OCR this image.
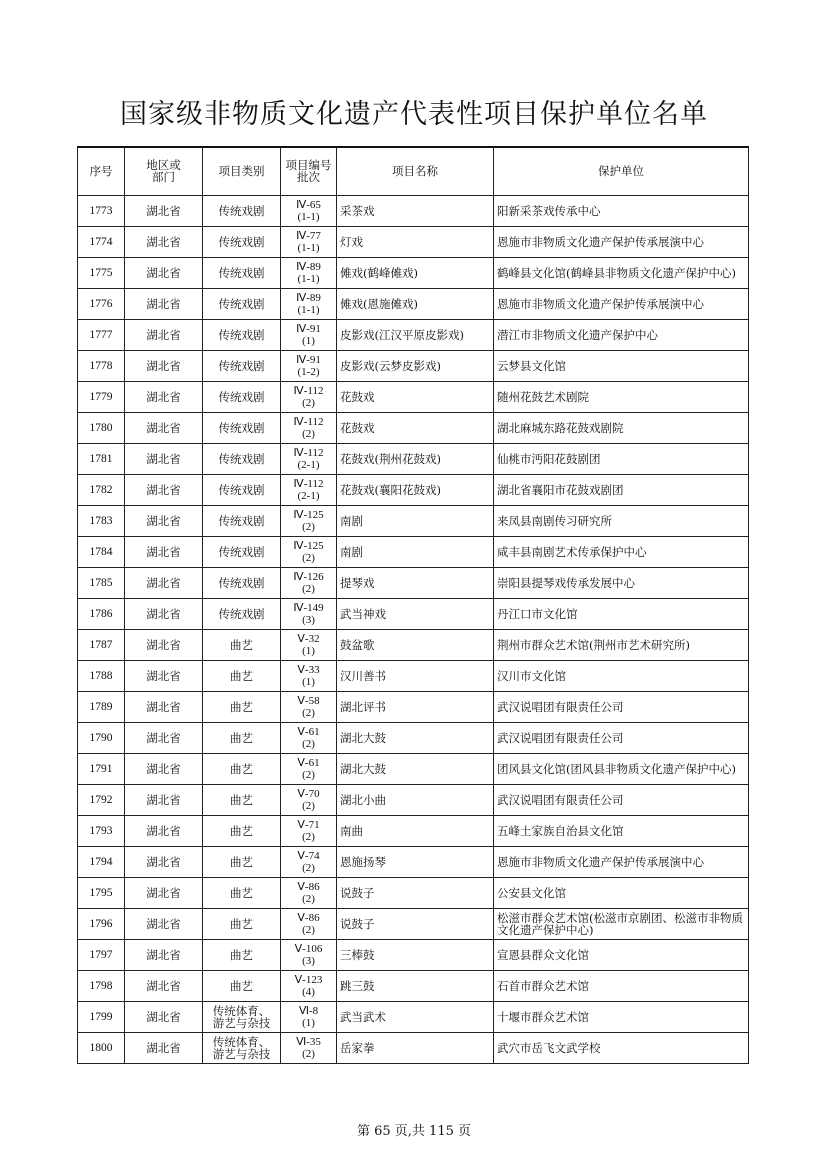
国家级非物质文化遗产代表性项目保护单位名单
序号	地区或部门	项目类别	项目编号批次	项目名称	保护单位

1773	湖北省	传统戏剧	Ⅳ-65
(1-1)	采茶戏	阳新采茶戏传承中心

1774	湖北省	传统戏剧	Ⅳ-77
(1-1)	灯戏	恩施市非物质文化遗产保护传承展演中心

1775	湖北省	传统戏剧	Ⅳ-89
(1-1)	傩戏(鹤峰傩戏)	鹤峰县文化馆(鹤峰县非物质文化遗产保护中心)

1776	湖北省	传统戏剧	Ⅳ-89
(1-1)	傩戏(恩施傩戏)	恩施市非物质文化遗产保护传承展演中心

1777	湖北省	传统戏剧	Ⅳ-91
(1)	皮影戏(江汉平原皮影戏)	潜江市非物质文化遗产保护中心

1778	湖北省	传统戏剧	Ⅳ-91
(1-2)	皮影戏(云梦皮影戏)	云梦县文化馆

1779	湖北省	传统戏剧	Ⅳ-112
(2)	花鼓戏	随州花鼓艺术剧院

1780	湖北省	传统戏剧	Ⅳ-112
(2)	花鼓戏	湖北麻城东路花鼓戏剧院

1781	湖北省	传统戏剧	Ⅳ-112
(2-1)	花鼓戏(荆州花鼓戏)	仙桃市沔阳花鼓剧团

1782	湖北省	传统戏剧	Ⅳ-112
(2-1)	花鼓戏(襄阳花鼓戏)	湖北省襄阳市花鼓戏剧团

1783	湖北省	传统戏剧	Ⅳ-125
(2)	南剧	来凤县南剧传习研究所

1784	湖北省	传统戏剧	Ⅳ-125
(2)	南剧	咸丰县南剧艺术传承保护中心

1785	湖北省	传统戏剧	Ⅳ-126
(2)	提琴戏	崇阳县提琴戏传承发展中心

1786	湖北省	传统戏剧	Ⅳ-149
(3)	武当神戏	丹江口市文化馆

1787	湖北省	曲艺	Ⅴ-32
(1)	鼓盆歌	荆州市群众艺术馆(荆州市艺术研究所)

1788	湖北省	曲艺	Ⅴ-33
(1)	汉川善书	汉川市文化馆

1789	湖北省	曲艺	Ⅴ-58
(2)	湖北评书	武汉说唱团有限责任公司

1790	湖北省	曲艺	Ⅴ-61
(2)	湖北大鼓	武汉说唱团有限责任公司

1791	湖北省	曲艺	Ⅴ-61
(2)	湖北大鼓	团风县文化馆(团风县非物质文化遗产保护中心)

1792	湖北省	曲艺	Ⅴ-70
(2)	湖北小曲	武汉说唱团有限责任公司

1793	湖北省	曲艺	Ⅴ-71
(2)	南曲	五峰土家族自治县文化馆

1794	湖北省	曲艺	Ⅴ-74
(2)	恩施扬琴	恩施市非物质文化遗产保护传承展演中心

1795	湖北省	曲艺	Ⅴ-86
(2)	说鼓子	公安县文化馆

1796	湖北省	曲艺	Ⅴ-86
(2)	说鼓子	松滋市群众艺术馆(松滋市京剧团、松滋市非物质文化遗产保护中心)

1797	湖北省	曲艺	Ⅴ-106
(3)	三棒鼓	宣恩县群众文化馆

1798	湖北省	曲艺	Ⅴ-123
(4)	跳三鼓	石首市群众艺术馆

1799	湖北省	传统体育、
游艺与杂技	Ⅵ-8
(1)	武当武术	十堰市群众艺术馆

1800	湖北省	传统体育、
游艺与杂技	Ⅵ-35
(2)	岳家拳	武穴市岳飞文武学校
第 65 页,共 115 页
